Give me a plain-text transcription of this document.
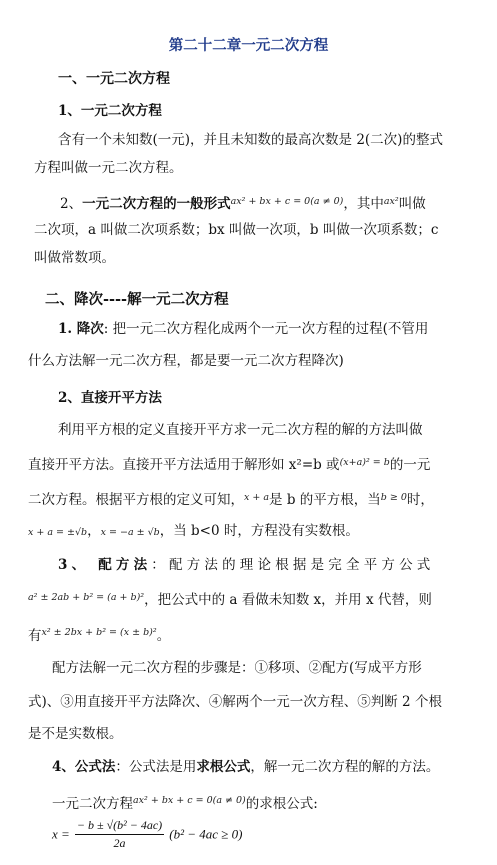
第二十二章一元二次方程
一、一元二次方程
1、一元二次方程
含有一个未知数(一元)，并且未知数的最高次数是 2(二次)的整式
方程叫做一元二次方程。
2、一元二次方程的一般形式$^{ax^2 + bx + c = 0(a \ne 0)}$，其中$^{ax^2}$叫做
二次项，a 叫做二次项系数；bx 叫做一次项，b 叫做一次项系数；c
叫做常数项。
二、降次----解一元二次方程
1. 降次: 把一元二次方程化成两个一元一次方程的过程(不管用
什么方法解一元二次方程，都是要一元二次方程降次)
2、直接开平方法
利用平方根的定义直接开平方求一元二次方程的解的方法叫做
直接开平方法。直接开平方法适用于解形如 x²=b 或$^{(x+a)^2 = b}$的一元
二次方程。根据平方根的定义可知，$^{x + a}$是 b 的平方根，当$^{b \ge 0}$时，
x + a = ±√b，x = −a ± √b，当 b<0 时，方程没有实数根。
3、 配方法：配方法的理论根据是完全平方公式
$^{a^2 \pm 2ab + b^2 = (a + b)^2}$，把公式中的 a 看做未知数 x，并用 x 代替，则
有$^{x^2 \pm 2bx + b^2 = (x \pm b)^2}$。
配方法解一元二次方程的步骤是：①移项、②配方(写成平方形
式)、③用直接开平方法降次、④解两个一元一次方程、⑤判断 2 个根
是不是实数根。
4、公式法：公式法是用求根公式，解一元二次方程的解的方法。
一元二次方程$^{ax^2 + bx + c = 0(a \ne 0)}$的求根公式:
$x = \frac{\text{− b ± √(b² − 4ac)}}{2a} (b^2 - 4ac \ge 0)$
